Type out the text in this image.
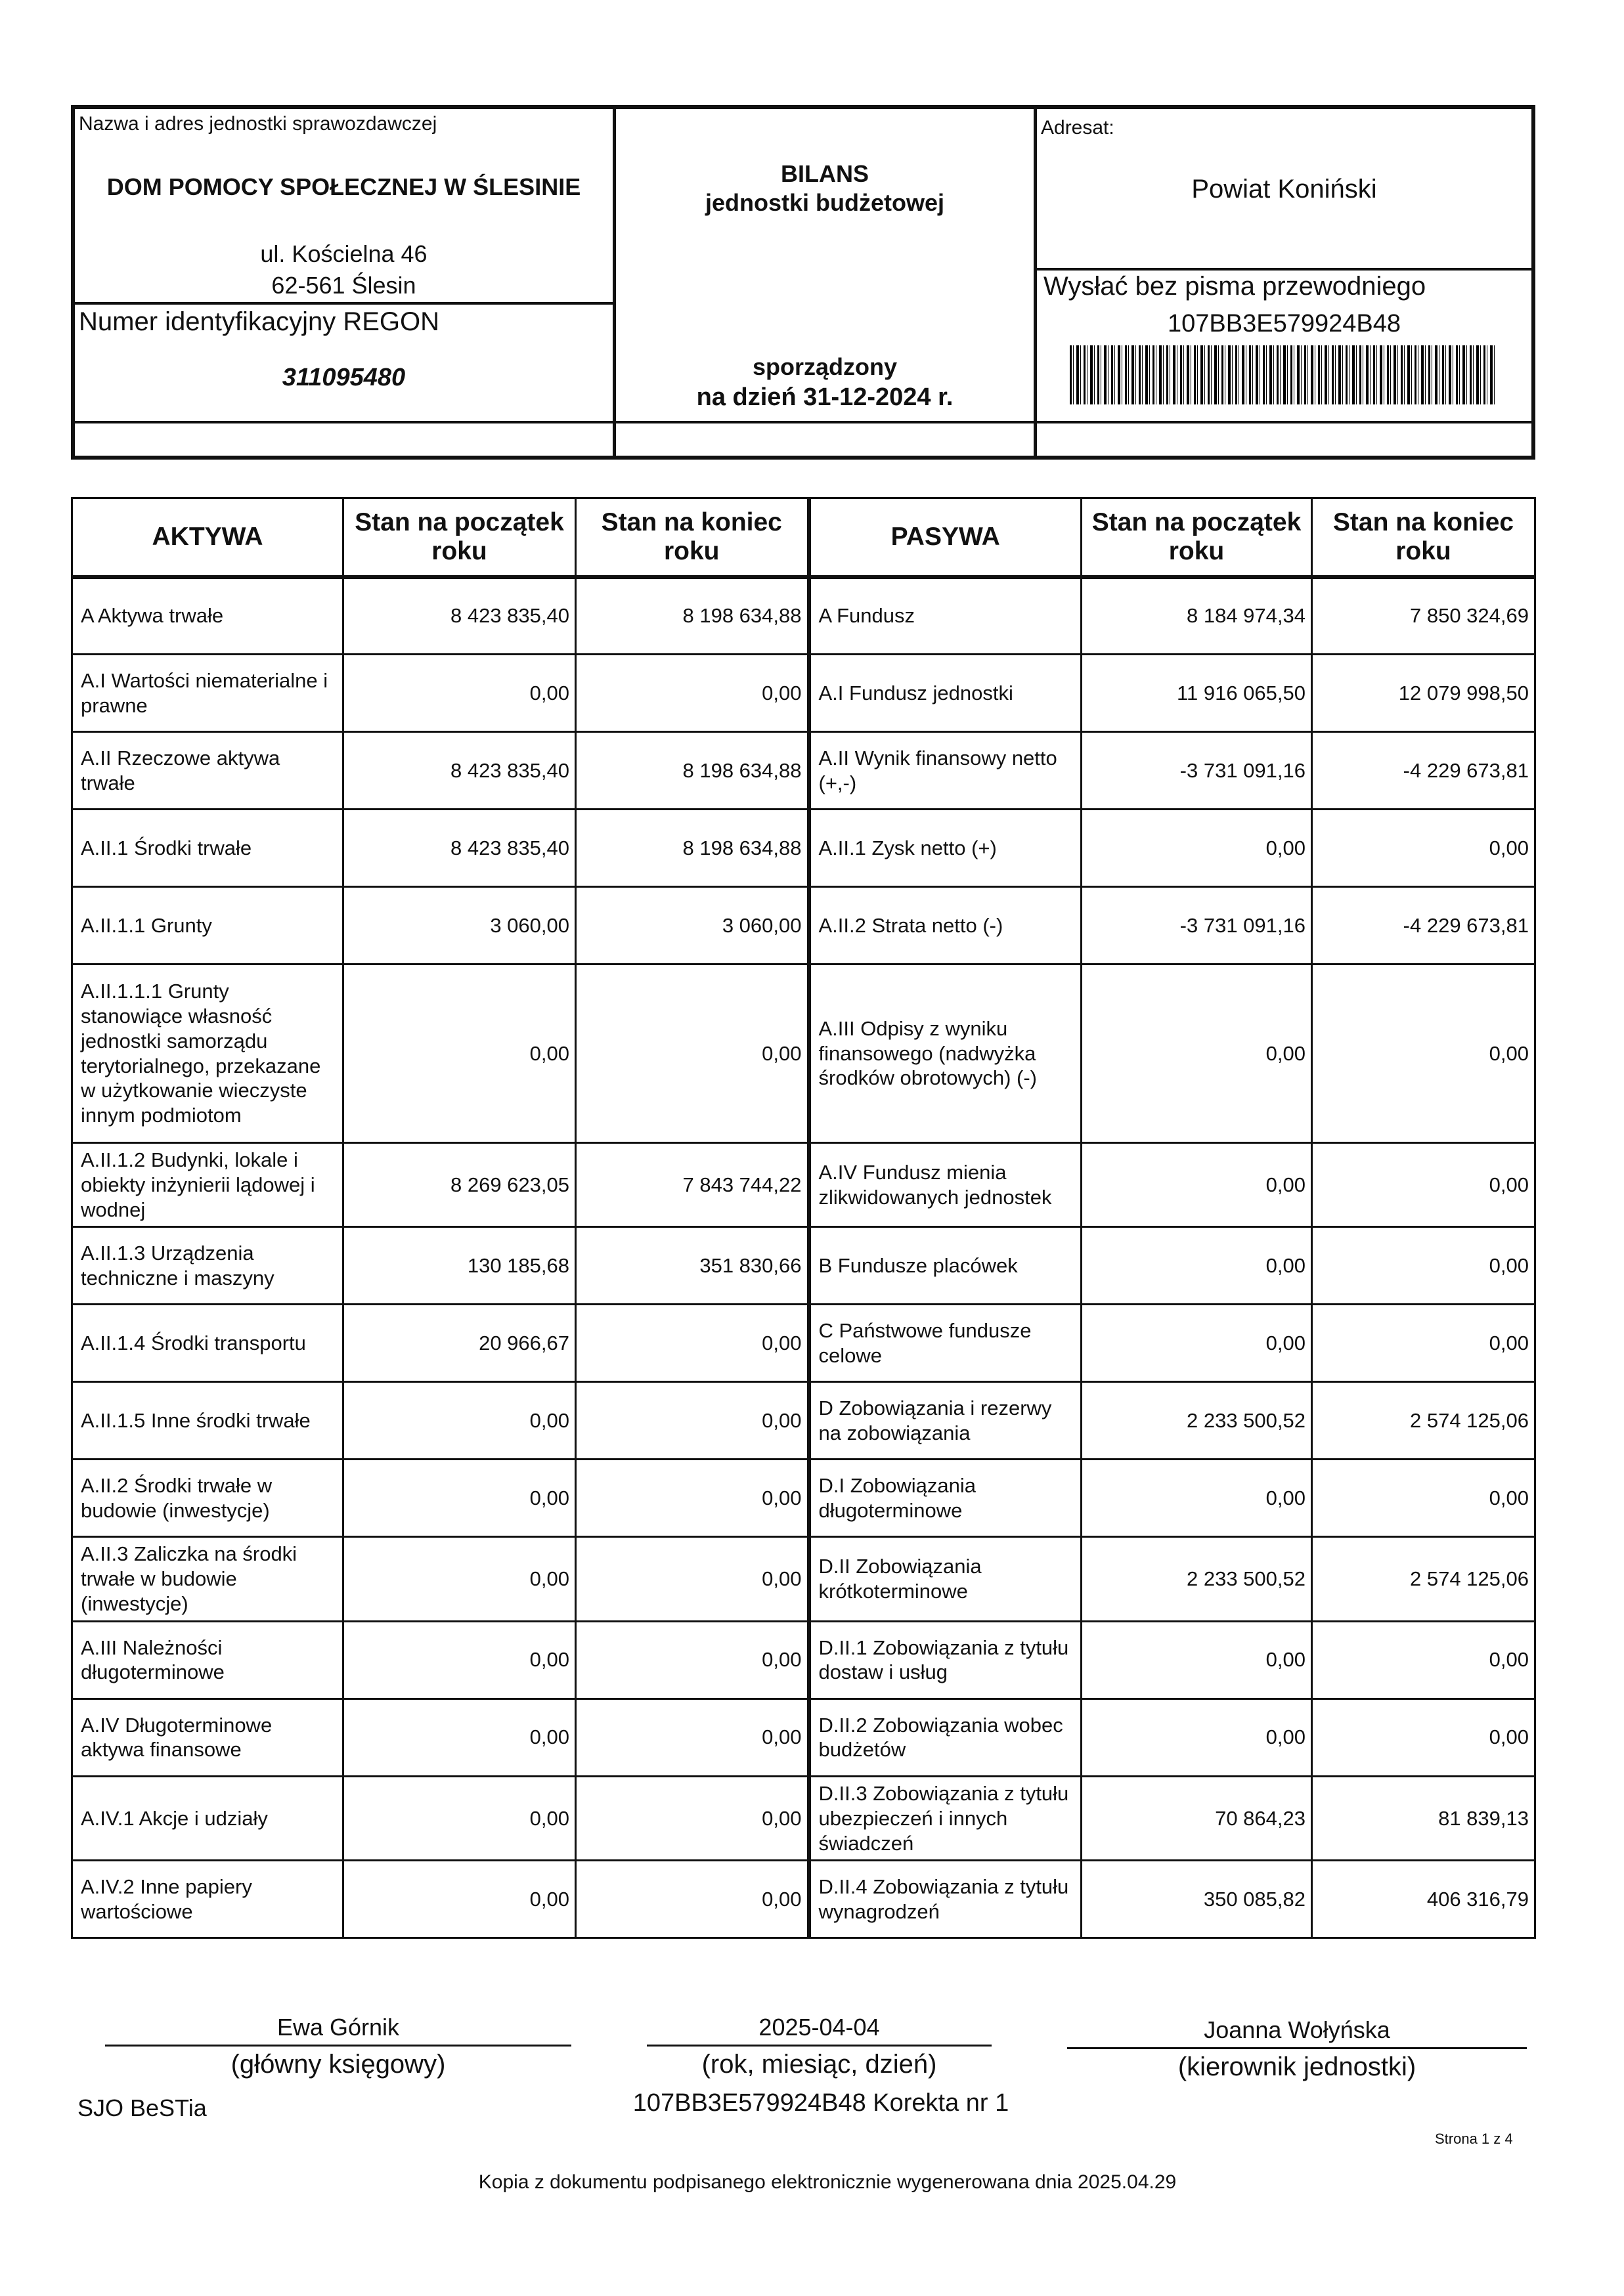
Nazwa i adres jednostki sprawozdawczej
DOM POMOCY SPOŁECZNEJ W ŚLESINIE
ul. Kościelna 46
62-561 Ślesin
Numer identyfikacyjny REGON
311095480
BILANS
jednostki budżetowej
sporządzony
na dzień 31-12-2024 r.
Adresat:
Powiat Koniński
Wysłać bez pisma przewodniego
107BB3E579924B48
AKTYWA	Stan na początek roku	Stan na koniec roku	PASYWA	Stan na początek roku	Stan na koniec roku
A Aktywa trwałe	8 423 835,40	8 198 634,88	A Fundusz	8 184 974,34	7 850 324,69
A.I Wartości niematerialne i prawne	0,00	0,00	A.I Fundusz jednostki	11 916 065,50	12 079 998,50
A.II Rzeczowe aktywa trwałe	8 423 835,40	8 198 634,88	A.II Wynik finansowy netto (+,-)	-3 731 091,16	-4 229 673,81
A.II.1 Środki trwałe	8 423 835,40	8 198 634,88	A.II.1 Zysk netto (+)	0,00	0,00
A.II.1.1 Grunty	3 060,00	3 060,00	A.II.2 Strata netto (-)	-3 731 091,16	-4 229 673,81
A.II.1.1.1 Grunty stanowiące własność jednostki samorządu terytorialnego, przekazane w użytkowanie wieczyste innym podmiotom	0,00	0,00	A.III Odpisy z wyniku finansowego (nadwyżka środków obrotowych) (-)	0,00	0,00
A.II.1.2 Budynki, lokale i obiekty inżynierii lądowej i wodnej	8 269 623,05	7 843 744,22	A.IV Fundusz mienia zlikwidowanych jednostek	0,00	0,00
A.II.1.3 Urządzenia techniczne i maszyny	130 185,68	351 830,66	B Fundusze placówek	0,00	0,00
A.II.1.4 Środki transportu	20 966,67	0,00	C Państwowe fundusze celowe	0,00	0,00
A.II.1.5 Inne środki trwałe	0,00	0,00	D Zobowiązania i rezerwy na zobowiązania	2 233 500,52	2 574 125,06
A.II.2 Środki trwałe w budowie (inwestycje)	0,00	0,00	D.I Zobowiązania długoterminowe	0,00	0,00
A.II.3 Zaliczka na środki trwałe w budowie (inwestycje)	0,00	0,00	D.II Zobowiązania krótkoterminowe	2 233 500,52	2 574 125,06
A.III Należności długoterminowe	0,00	0,00	D.II.1 Zobowiązania z tytułu dostaw i usług	0,00	0,00
A.IV Długoterminowe aktywa finansowe	0,00	0,00	D.II.2 Zobowiązania wobec budżetów	0,00	0,00
A.IV.1 Akcje i udziały	0,00	0,00	D.II.3 Zobowiązania z tytułu ubezpieczeń i innych świadczeń	70 864,23	81 839,13
A.IV.2 Inne papiery wartościowe	0,00	0,00	D.II.4 Zobowiązania z tytułu wynagrodzeń	350 085,82	406 316,79
Ewa Górnik
(główny księgowy)
2025-04-04
(rok, miesiąc, dzień)
Joanna Wołyńska
(kierownik jednostki)
SJO BeSTia	107BB3E579924B48 Korekta nr 1
Strona 1 z 4
Kopia z dokumentu podpisanego elektronicznie wygenerowana dnia 2025.04.29
